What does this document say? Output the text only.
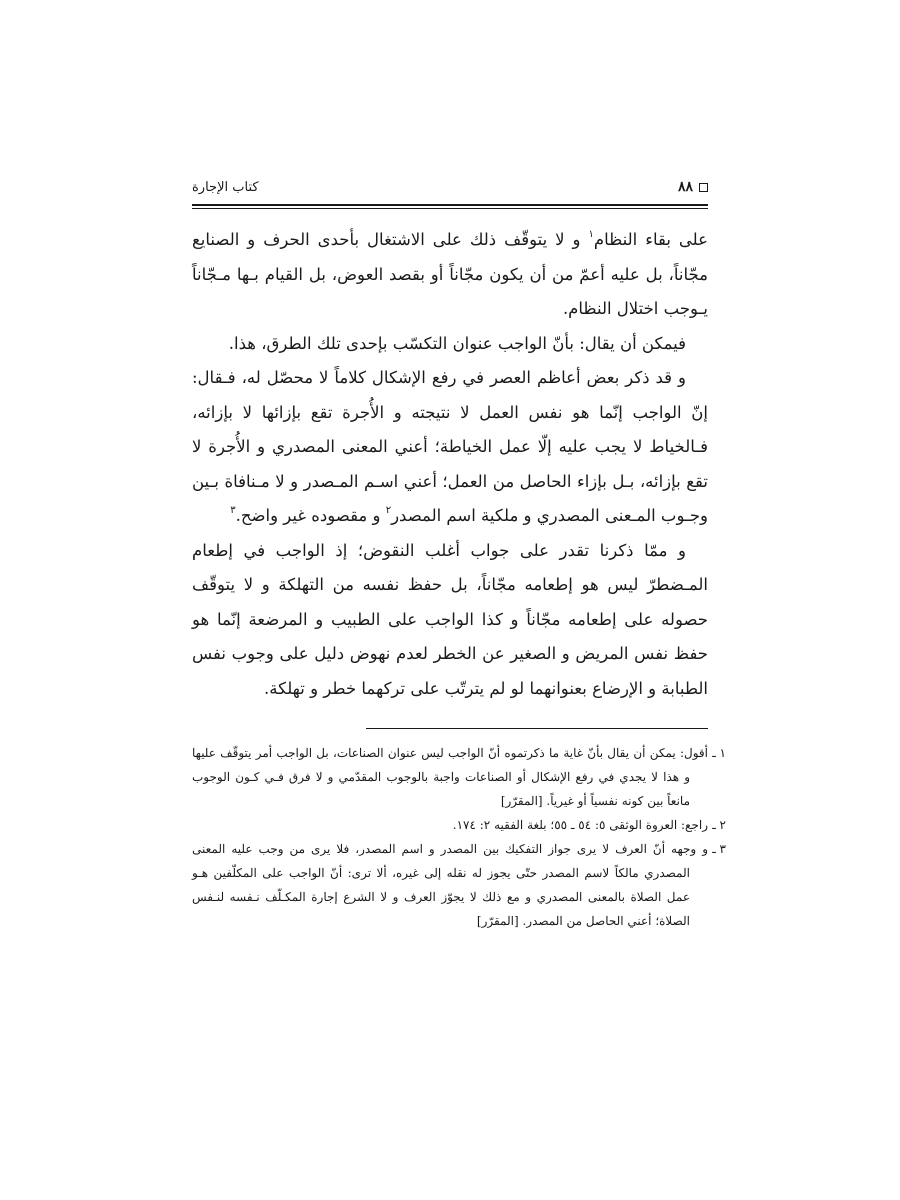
٨٨
كتاب الإجارة

على بقاء النظام$^١$ و لا يتوقّف ذلك على الاشتغال بأحدى الحرف و الصنايع مجّاناً، بل عليه أعمّ من أن يكون مجّاناً أو بقصد العوض، بل القيام بـها مـجّاناً يـوجب اختلال النظام.

فيمكن أن يقال: بأنّ الواجب عنوان التكسّب بإحدى تلك الطرق، هذا.

و قد ذكر بعض أعاظم العصر في رفع الإشكال كلاماً لا محصّل له، فـقال: إنّ الواجب إنّما هو نفس العمل لا نتيجته و الأُجرة تقع بإزائها لا بإزائه، فـالخياط لا يجب عليه إلّا عمل الخياطة؛ أعني المعنى المصدري و الأُجرة لا تقع بإزائه، بـل بإزاء الحاصل من العمل؛ أعني اسـم المـصدر و لا مـنافاة بـين وجـوب المـعنى المصدري و ملكية اسم المصدر$^٢$ و مقصوده غير واضح.$^٣$

و ممّا ذكرنا تقدر على جواب أغلب النقوض؛ إذ الواجب في إطعام المـضطرّ ليس هو إطعامه مجّاناً، بل حفظ نفسه من التهلكة و لا يتوقّف حصوله على إطعامه مجّاناً و كذا الواجب على الطبيب و المرضعة إنّما هو حفظ نفس المريض و الصغير عن الخطر لعدم نهوض دليل على وجوب نفس الطبابة و الإرضاع بعنوانهما لو لم يترتّب على تركهما خطر و تهلكة.

١ ـأقول: يمكن أن يقال بأنّ غاية ما ذكرتموه أنّ الواجب ليس عنوان الصناعات، بل الواجب أمر يتوقّف عليها و هذا لا يجدي في رفع الإشكال أو الصناعات واجبة بالوجوب المقدّمي و لا فرق فـي كـون الوجوب مانعاً بين كونه نفسياً أو غيرياً. [المقرّر]

٢ ـراجع: العروة الوثقى ٥: ٥٤ ـ ٥٥؛ بلغة الفقيه ٢: ١٧٤.

٣ ـو وجهه أنّ العرف لا يرى جواز التفكيك بين المصدر و اسم المصدر، فلا يرى من وجب عليه المعنى المصدري مالكاً لاسم المصدر حتّى يجوز له نقله إلى غيره، ألا ترى: أنّ الواجب على المكلّفين هـو عمل الصلاة بالمعنى المصدري و مع ذلك لا يجوّز العرف و لا الشرع إجارة المكـلّف نـفسه لنـفس الصلاة؛ أعني الحاصل من المصدر. [المقرّر]
